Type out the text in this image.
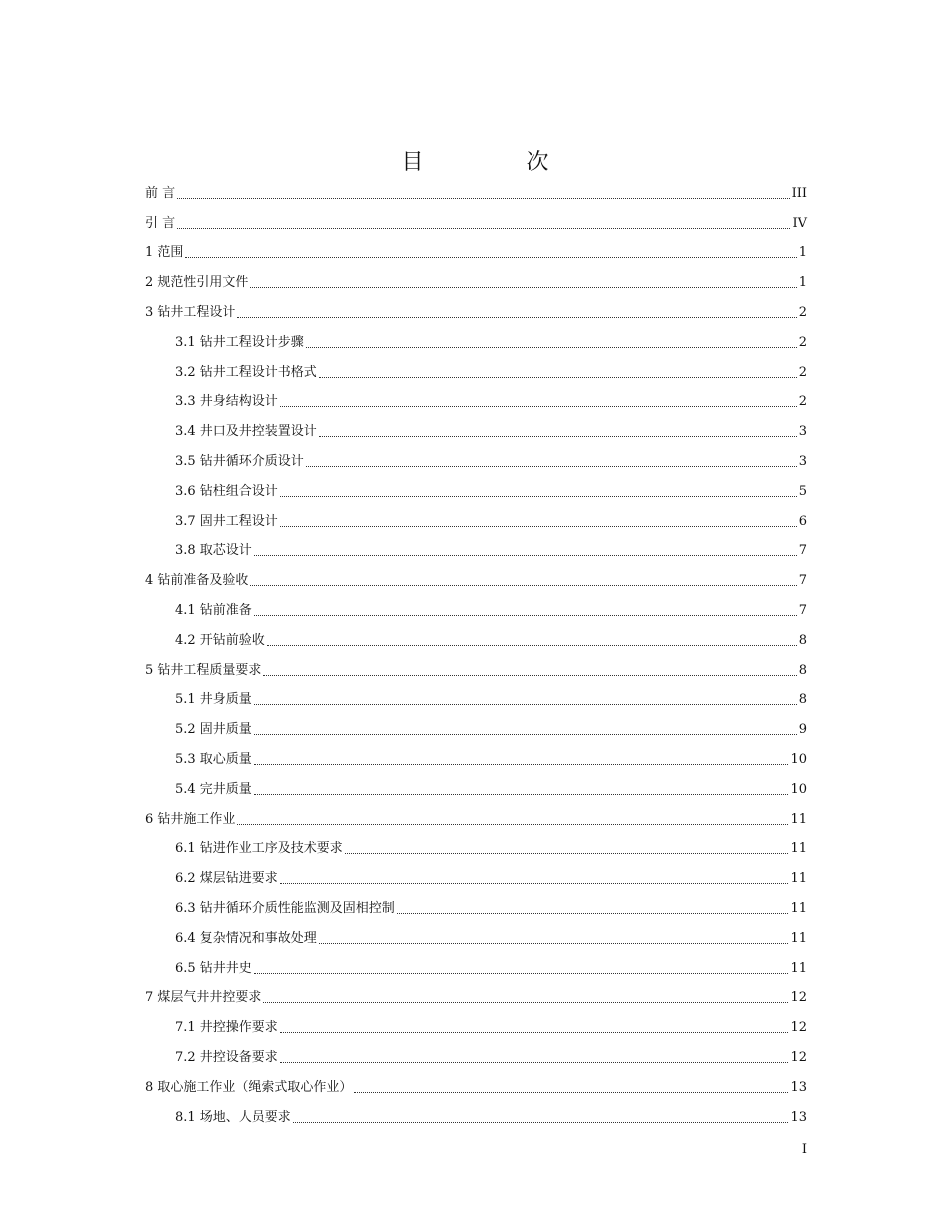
目 次
前 言	III
引 言	IV
1 范围	1
2 规范性引用文件	1
3 钻井工程设计	2
3.1 钻井工程设计步骤	2
3.2 钻井工程设计书格式	2
3.3 井身结构设计	2
3.4 井口及井控装置设计	3
3.5 钻井循环介质设计	3
3.6 钻柱组合设计	5
3.7 固井工程设计	6
3.8 取芯设计	7
4 钻前准备及验收	7
4.1 钻前准备	7
4.2 开钻前验收	8
5 钻井工程质量要求	8
5.1 井身质量	8
5.2 固井质量	9
5.3 取心质量	10
5.4 完井质量	10
6 钻井施工作业	11
6.1 钻进作业工序及技术要求	11
6.2 煤层钻进要求	11
6.3 钻井循环介质性能监测及固相控制	11
6.4 复杂情况和事故处理	11
6.5 钻井井史	11
7 煤层气井井控要求	12
7.1 井控操作要求	12
7.2 井控设备要求	12
8 取心施工作业（绳索式取心作业）	13
8.1 场地、人员要求	13
I
